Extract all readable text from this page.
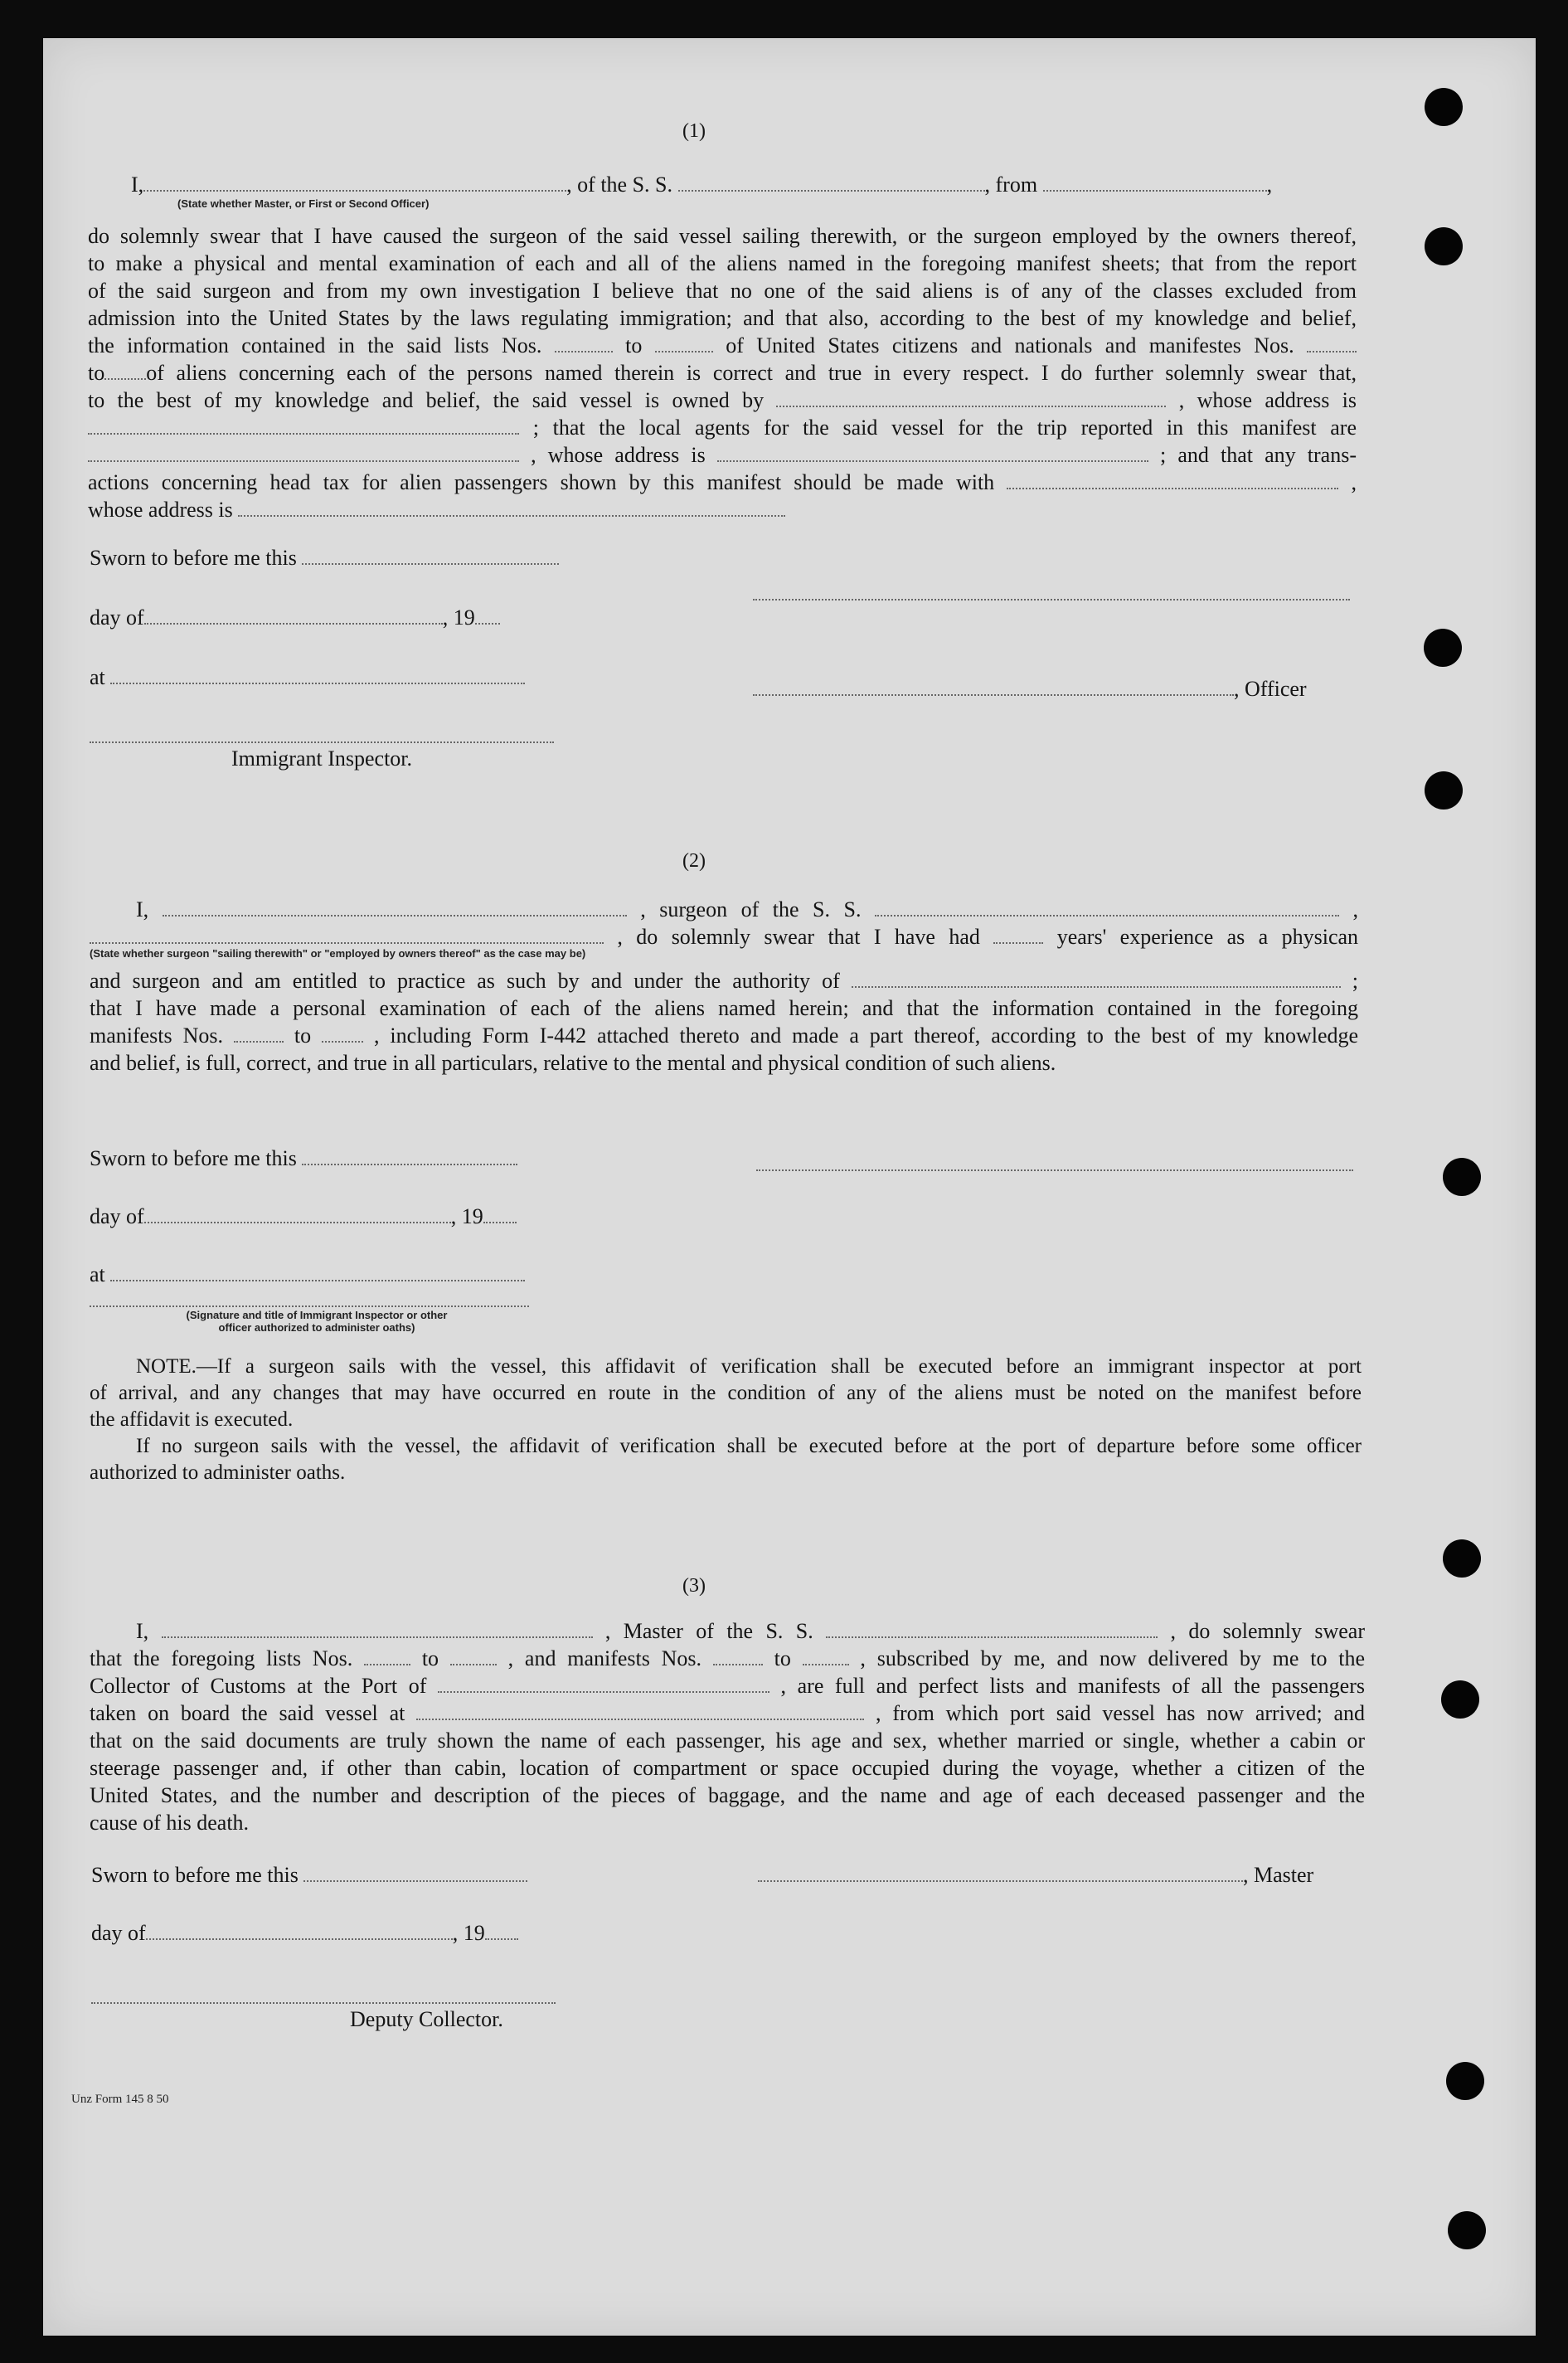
(1)
I,	, of the S. S.	, from	,
(State whether Master, or First or Second Officer)
do solemnly swear that I have caused the surgeon of the said vessel sailing therewith, or the surgeon employed by the owners thereof,
to make a physical and mental examination of each and all of the aliens named in the foregoing manifest sheets; that from the report
of the said surgeon and from my own investigation I believe that no one of the said aliens is of any of the classes excluded from
admission into the United States by the laws regulating immigration; and that also, according to the best of my knowledge and belief,
the information contained in the said lists Nos.	to	of United States citizens and nationals and manifestes Nos.
to of aliens concerning each of the persons named therein is correct and true in every respect. I do further solemnly swear that,
to the best of my knowledge and belief, the said vessel is owned by	, whose address is
; that the local agents for the said vessel for the trip reported in this manifest are
, whose address is	; and that any trans-
actions concerning head tax for alien passengers shown by this manifest should be made with	,
whose address is
Sworn to before me this
day of	, 19
at	, Officer
Immigrant Inspector.
(2)
I,	, surgeon of the S. S.	,
, do solemnly swear that I have had	years' experience as a physican
(State whether surgeon "sailing therewith" or "employed by owners thereof" as the case may be)
and surgeon and am entitled to practice as such by and under the authority of	;
that I have made a personal examination of each of the aliens named herein; and that the information contained in the foregoing
manifests Nos.	to	, including Form I-442 attached thereto and made a part thereof, according to the best of my knowledge
and belief, is full, correct, and true in all particulars, relative to the mental and physical condition of such aliens.
Sworn to before me this
day of	, 19
at
(Signature and title of Immigrant Inspector or other
officer authorized to administer oaths)
NOTE.—If a surgeon sails with the vessel, this affidavit of verification shall be executed before an immigrant inspector at port
of arrival, and any changes that may have occurred en route in the condition of any of the aliens must be noted on the manifest before
the affidavit is executed.
If no surgeon sails with the vessel, the affidavit of verification shall be executed before at the port of departure before some officer
authorized to administer oaths.
(3)
I,	, Master of the S. S.	, do solemnly swear
that the foregoing lists Nos.	to	, and manifests Nos.	to	, subscribed by me, and now delivered by me to the
Collector of Customs at the Port of	, are full and perfect lists and manifests of all the passengers
taken on board the said vessel at	, from which port said vessel has now arrived; and
that on the said documents are truly shown the name of each passenger, his age and sex, whether married or single, whether a cabin or
steerage passenger and, if other than cabin, location of compartment or space occupied during the voyage, whether a citizen of the
United States, and the number and description of the pieces of baggage, and the name and age of each deceased passenger and the
cause of his death.
Sworn to before me this	, Master
day of	, 19
Deputy Collector.
Unz Form 145 8 50
